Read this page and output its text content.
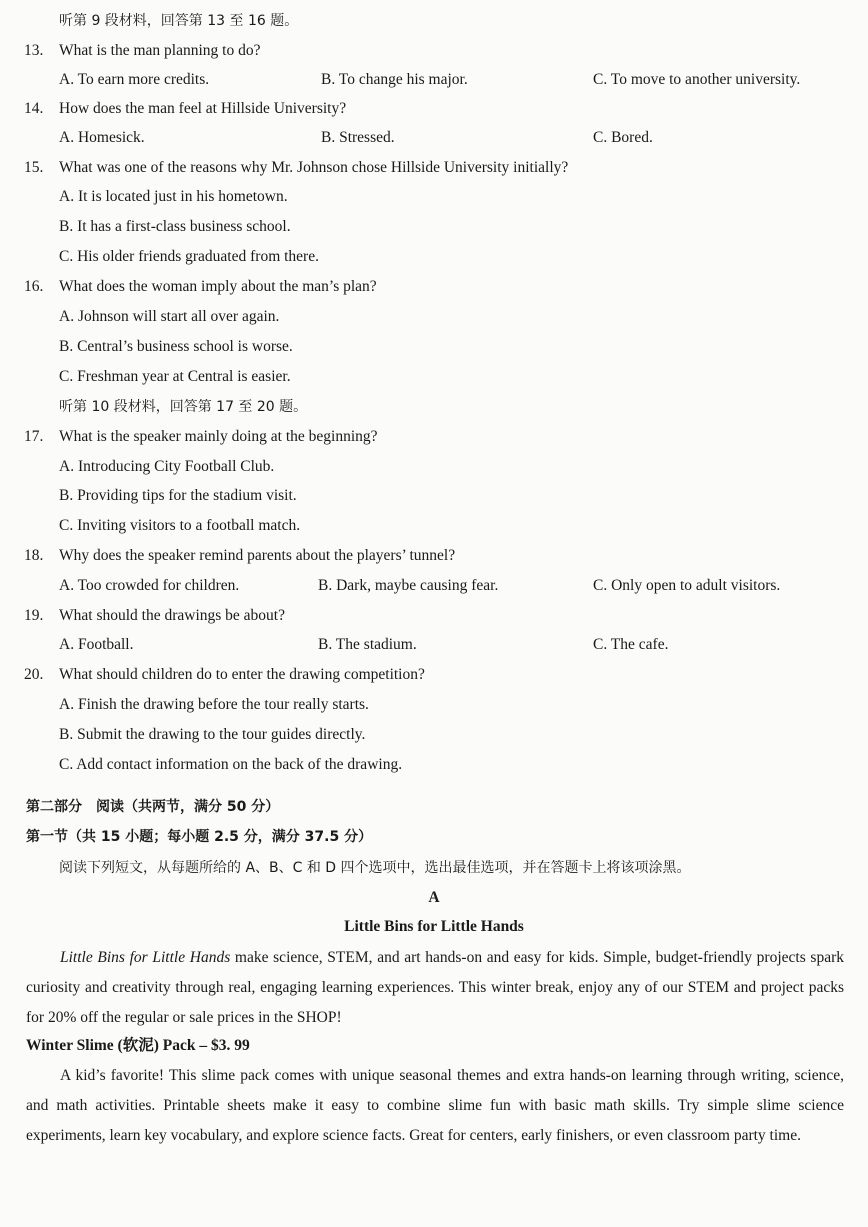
听第 9 段材料，回答第 13 至 16 题。
13. What is the man planning to do?
A. To earn more credits.	B. To change his major.	C. To move to another university.
14. How does the man feel at Hillside University?
A. Homesick.	B. Stressed.	C. Bored.
15. What was one of the reasons why Mr. Johnson chose Hillside University initially?
A. It is located just in his hometown.
B. It has a first-class business school.
C. His older friends graduated from there.
16. What does the woman imply about the man’s plan?
A. Johnson will start all over again.
B. Central’s business school is worse.
C. Freshman year at Central is easier.
听第 10 段材料，回答第 17 至 20 题。
17. What is the speaker mainly doing at the beginning?
A. Introducing City Football Club.
B. Providing tips for the stadium visit.
C. Inviting visitors to a football match.
18. Why does the speaker remind parents about the players’ tunnel?
A. Too crowded for children.	B. Dark, maybe causing fear.	C. Only open to adult visitors.
19. What should the drawings be about?
A. Football.	B. The stadium.	C. The cafe.
20. What should children do to enter the drawing competition?
A. Finish the drawing before the tour really starts.
B. Submit the drawing to the tour guides directly.
C. Add contact information on the back of the drawing.
第二部分　阅读（共两节，满分 50 分）
第一节（共 15 小题；每小题 2.5 分，满分 37.5 分）
阅读下列短文，从每题所给的 A、B、C 和 D 四个选项中，选出最佳选项，并在答题卡上将该项涂黑。
A
Little Bins for Little Hands
Little Bins for Little Hands make science, STEM, and art hands-on and easy for kids. Simple, budget-friendly projects spark curiosity and creativity through real, engaging learning experiences. This winter break, enjoy any of our STEM and project packs for 20% off the regular or sale prices in the SHOP!
Winter Slime (软泥) Pack – $3. 99
A kid’s favorite! This slime pack comes with unique seasonal themes and extra hands-on learning through writing, science, and math activities. Printable sheets make it easy to combine slime fun with basic math skills. Try simple slime science experiments, learn key vocabulary, and explore science facts. Great for centers, early finishers, or even classroom party time.
